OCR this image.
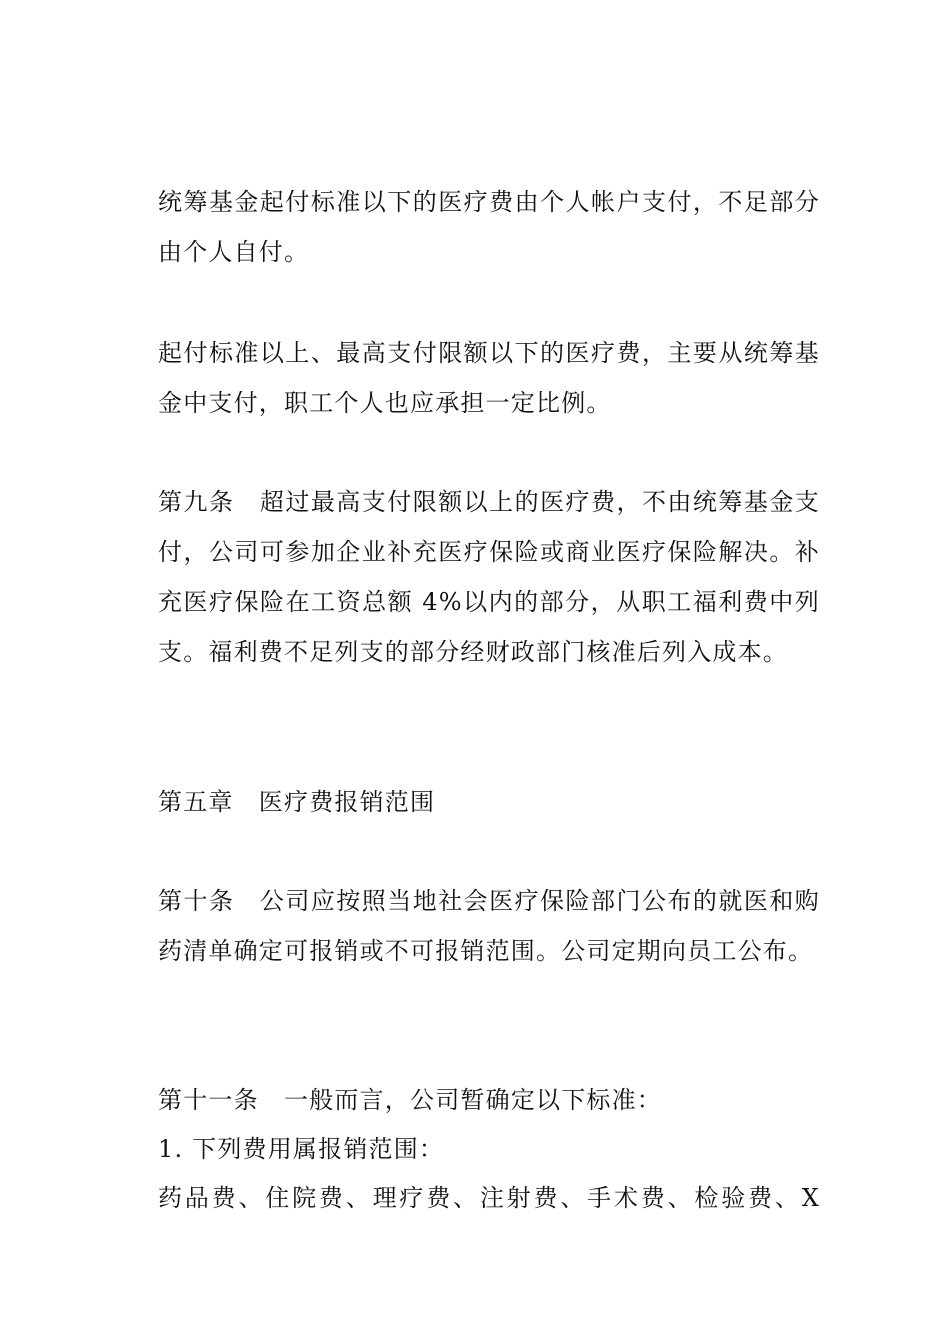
统筹基金起付标准以下的医疗费由个人帐户支付，不足部分由个人自付。

起付标准以上、最高支付限额以下的医疗费，主要从统筹基金中支付，职工个人也应承担一定比例。

第九条　超过最高支付限额以上的医疗费，不由统筹基金支付，公司可参加企业补充医疗保险或商业医疗保险解决。补充医疗保险在工资总额 4%以内的部分，从职工福利费中列支。福利费不足列支的部分经财政部门核准后列入成本。

第五章　医疗费报销范围

第十条　公司应按照当地社会医疗保险部门公布的就医和购药清单确定可报销或不可报销范围。公司定期向员工公布。

第十一条　一般而言，公司暂确定以下标准：

1. 下列费用属报销范围：

药品费、住院费、理疗费、注射费、手术费、检验费、X
